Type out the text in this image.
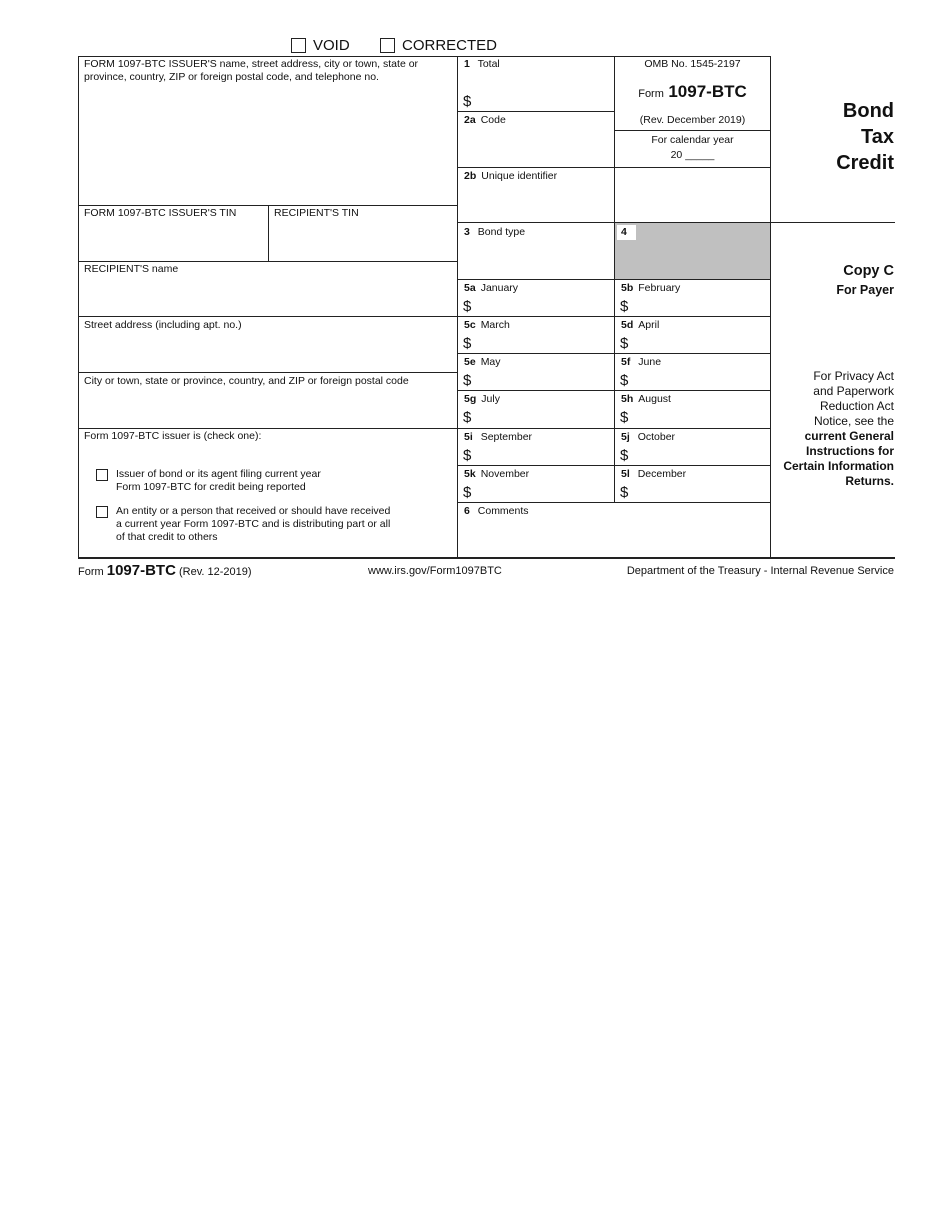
VOID	CORRECTED
FORM 1097-BTC ISSUER'S name, street address, city or town, state or province, country, ZIP or foreign postal code, and telephone no.
FORM 1097-BTC ISSUER'S TIN	RECIPIENT'S TIN
RECIPIENT'S name
Street address (including apt. no.)
City or town, state or province, country, and ZIP or foreign postal code
Form 1097-BTC issuer is (check one):
Issuer of bond or its agent filing current year
Form 1097-BTC for credit being reported
An entity or a person that received or should have received
a current year Form 1097-BTC and is distributing part or all
of that credit to others
1 Total
$
2a Code
2b Unique identifier
3 Bond type	4
5a January
$
5b February
$
5c March
$
5d April
$
5e May
$
5f June
$
5g July
$
5h August
$
5i September
$
5j October
$
5k November
$
5l December
$
6 Comments
OMB No. 1545-2197
Form 1097-BTC
(Rev. December 2019)
For calendar year
20 _____
Bond
Tax
Credit
Copy C
For Payer
For Privacy Act
and Paperwork
Reduction Act
Notice, see the
current General
Instructions for
Certain Information
Returns.
Form 1097-BTC (Rev. 12-2019)	www.irs.gov/Form1097BTC	Department of the Treasury - Internal Revenue Service
